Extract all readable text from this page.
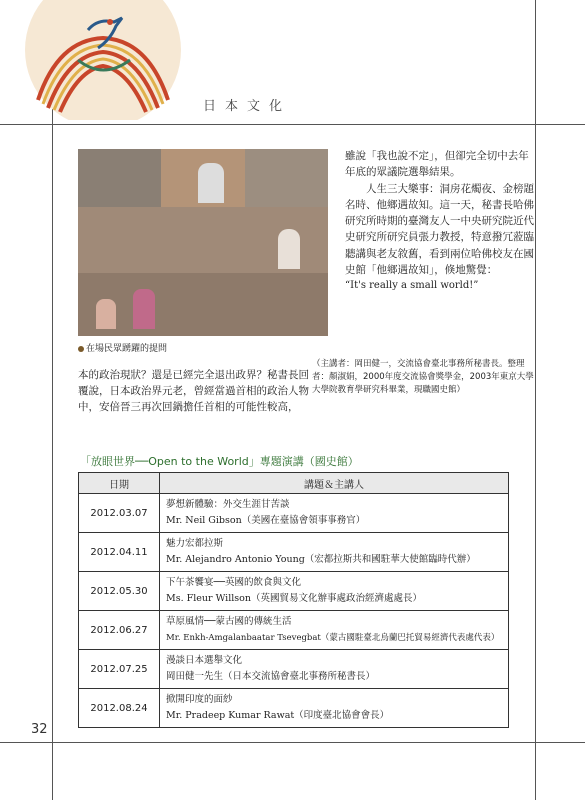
日本文化
在場民眾踴躍的提問

雖說「我也說不定」，但卻完全切中去年年底的眾議院選舉結果。

人生三大樂事：洞房花燭夜、金榜題名時、他鄉遇故知。這一天，秘書長哈佛研究所時期的臺灣友人一中央研究院近代史研究所研究員張力教授，特意撥冗蒞臨聽講與老友敘舊，看到兩位哈佛校友在國史館「他鄉遇故知」，倏地驚覺：

“It's really a small world!”

（主講者：岡田健一，交流協會臺北事務所秘書長。整理者：顏淑娟，2000年度交流協會獎學金，2003年東京大學大學院教育學研究科畢業，現職國史館）

本的政治現狀？還是已經完全退出政界？秘書長回覆說，日本政治界元老，曾經當過首相的政治人物中，安倍晉三再次回鍋擔任首相的可能性較高，

「放眼世界──Open to the World」專題演講（國史館）
日期	講題＆主講人
2012.03.07	夢想新體驗：外交生涯甘苦談
Mr. Neil Gibson（美國在臺協會領事事務官）

2012.04.11	魅力宏都拉斯
Mr. Alejandro Antonio Young（宏都拉斯共和國駐華大使館臨時代辦）

2012.05.30	下午茶饗宴──英國的飲食與文化
Ms. Fleur Willson（英國貿易文化辦事處政治經濟處處長）

2012.06.27	草原風情──蒙古國的傳統生活
Mr. Enkh-Amgalanbaatar Tsevegbat（蒙古國駐臺北烏蘭巴托貿易經濟代表處代表）

2012.07.25	漫談日本選舉文化
岡田健一先生（日本交流協會臺北事務所秘書長）

2012.08.24	掀開印度的面紗
Mr. Pradeep Kumar Rawat（印度臺北協會會長）
32
